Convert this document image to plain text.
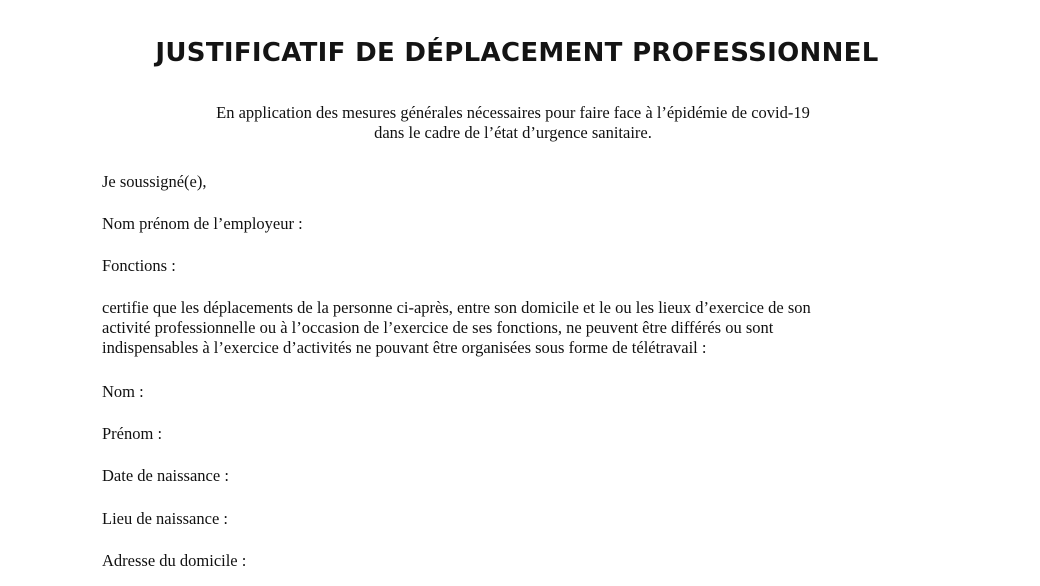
JUSTIFICATIF DE DÉPLACEMENT PROFESSIONNEL
En application des mesures générales nécessaires pour faire face à l’épidémie de covid-19
dans le cadre de l’état d’urgence sanitaire.
Je soussigné(e),
Nom prénom de l’employeur :
Fonctions :
certifie que les déplacements de la personne ci-après, entre son domicile et le ou les lieux d’exercice de son
activité professionnelle ou à l’occasion de l’exercice de ses fonctions, ne peuvent être différés ou sont
indispensables à l’exercice d’activités ne pouvant être organisées sous forme de télétravail :
Nom :
Prénom :
Date de naissance :
Lieu de naissance :
Adresse du domicile :
